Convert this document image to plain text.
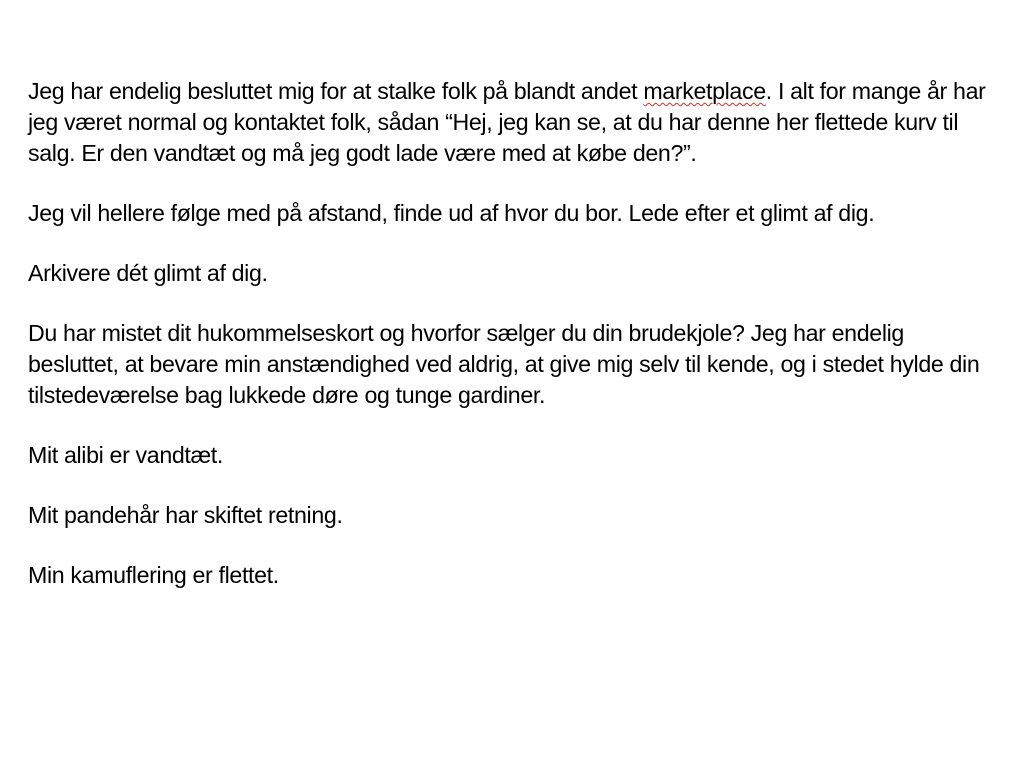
Jeg har endelig besluttet mig for at stalke folk på blandt andet marketplace. I alt for mange år har jeg været normal og kontaktet folk, sådan “Hej, jeg kan se, at du har denne her flettede kurv til salg. Er den vandtæt og må jeg godt lade være med at købe den?”.

Jeg vil hellere følge med på afstand, finde ud af hvor du bor. Lede efter et glimt af dig.

Arkivere dét glimt af dig.

Du har mistet dit hukommelseskort og hvorfor sælger du din brudekjole? Jeg har endelig besluttet, at bevare min anstændighed ved aldrig, at give mig selv til kende, og i stedet hylde din tilstedeværelse bag lukkede døre og tunge gardiner.

Mit alibi er vandtæt.

Mit pandehår har skiftet retning.

Min kamuflering er flettet.
